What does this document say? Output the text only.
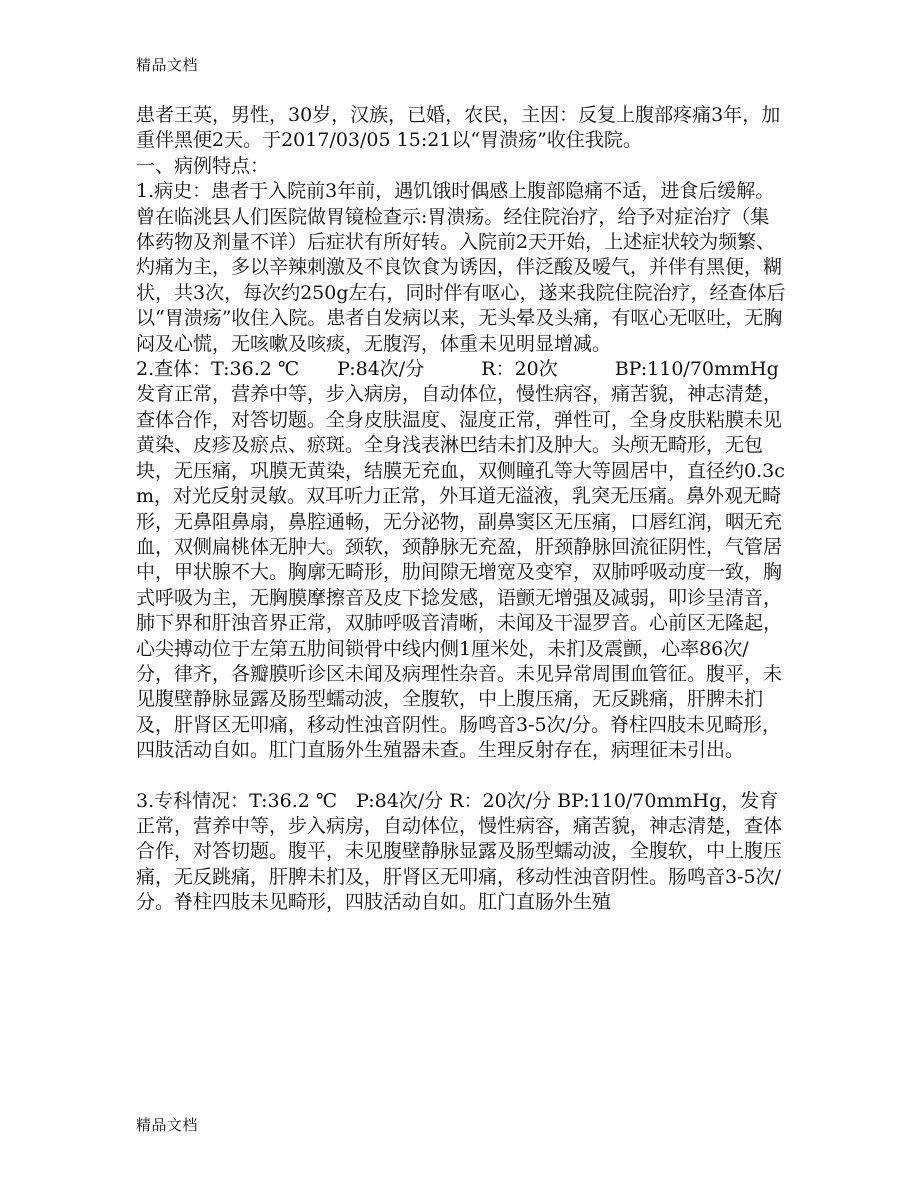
精品文档

患者王英，男性，30岁，汉族，已婚，农民，主因：反复上腹部疼痛3年，加重伴黑便2天。于2017/03/05 15:21以“胃溃疡”收住我院。

一、病例特点：

1.病史：患者于入院前3年前，遇饥饿时偶感上腹部隐痛不适，进食后缓解。曾在临洮县人们医院做胃镜检查示:胃溃疡。经住院治疗，给予对症治疗（集体药物及剂量不详）后症状有所好转。入院前2天开始，上述症状较为频繁、灼痛为主，多以辛辣刺激及不良饮食为诱因，伴泛酸及嗳气，并伴有黑便，糊状，共3次，每次约250g左右，同时伴有呕心，遂来我院住院治疗，经查体后以“胃溃疡”收住入院。患者自发病以来，无头晕及头痛，有呕心无呕吐，无胸闷及心慌，无咳嗽及咳痰，无腹泻，体重未见明显增减。

2.查体：T:36.2 ℃　　P:84次/分　　　R：20次　　　BP:110/70mmHg

发育正常，营养中等，步入病房，自动体位，慢性病容，痛苦貌，神志清楚，查体合作，对答切题。全身皮肤温度、湿度正常，弹性可，全身皮肤粘膜未见黄染、皮疹及瘀点、瘀斑。全身浅表淋巴结未扪及肿大。头颅无畸形，无包块，无压痛，巩膜无黄染，结膜无充血，双侧瞳孔等大等圆居中，直径约0.3cm，对光反射灵敏。双耳听力正常，外耳道无溢液，乳突无压痛。鼻外观无畸形，无鼻阻鼻扇，鼻腔通畅，无分泌物，副鼻窦区无压痛，口唇红润，咽无充血，双侧扁桃体无肿大。颈软，颈静脉无充盈，肝颈静脉回流征阴性，气管居中，甲状腺不大。胸廓无畸形，肋间隙无增宽及变窄，双肺呼吸动度一致，胸式呼吸为主，无胸膜摩擦音及皮下捻发感，语颤无增强及减弱，叩诊呈清音，肺下界和肝浊音界正常，双肺呼吸音清晰，未闻及干湿罗音。心前区无隆起，心尖搏动位于左第五肋间锁骨中线内侧1厘米处，未扪及震颤，心率86次/分，律齐，各瓣膜听诊区未闻及病理性杂音。未见异常周围血管征。腹平，未见腹壁静脉显露及肠型蠕动波，全腹软，中上腹压痛，无反跳痛，肝脾未扪及，肝肾区无叩痛，移动性浊音阴性。肠鸣音3-5次/分。脊柱四肢未见畸形，四肢活动自如。肛门直肠外生殖器未查。生理反射存在，病理征未引出。

3.专科情况：T:36.2 ℃　P:84次/分 R：20次/分 BP:110/70mmHg，发育正常，营养中等，步入病房，自动体位，慢性病容，痛苦貌，神志清楚，查体合作，对答切题。腹平，未见腹壁静脉显露及肠型蠕动波，全腹软，中上腹压痛，无反跳痛，肝脾未扪及，肝肾区无叩痛，移动性浊音阴性。肠鸣音3-5次/分。脊柱四肢未见畸形，四肢活动自如。肛门直肠外生殖

精品文档
